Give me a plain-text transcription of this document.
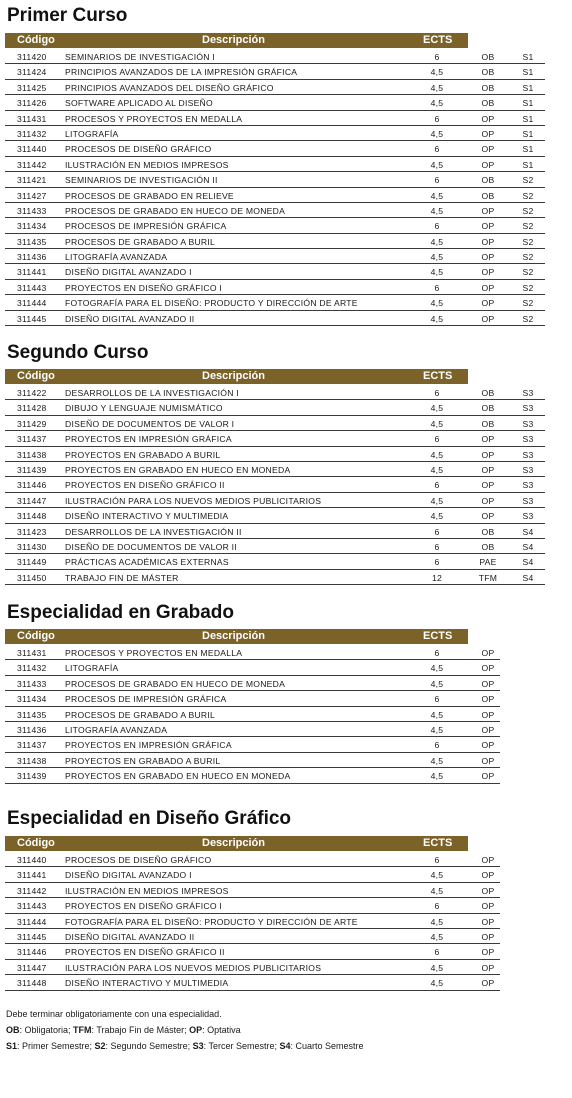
Primer Curso
Código	Descripción	ECTS
311420	SEMINARIOS DE INVESTIGACIÓN I	6	OB	S1
311424	PRINCIPIOS AVANZADOS DE LA IMPRESIÓN GRÁFICA	4,5	OB	S1
311425	PRINCIPIOS AVANZADOS DEL DISEÑO GRÁFICO	4,5	OB	S1
311426	SOFTWARE APLICADO AL DISEÑO	4,5	OB	S1
311431	PROCESOS Y PROYECTOS EN MEDALLA	6	OP	S1
311432	LITOGRAFÍA	4,5	OP	S1
311440	PROCESOS DE DISEÑO GRÁFICO	6	OP	S1
311442	ILUSTRACIÓN EN MEDIOS IMPRESOS	4,5	OP	S1
311421	SEMINARIOS DE INVESTIGACIÓN II	6	OB	S2
311427	PROCESOS DE GRABADO EN RELIEVE	4,5	OB	S2
311433	PROCESOS DE GRABADO EN HUECO DE MONEDA	4,5	OP	S2
311434	PROCESOS DE IMPRESIÓN GRÁFICA	6	OP	S2
311435	PROCESOS DE GRABADO A BURIL	4,5	OP	S2
311436	LITOGRAFÍA AVANZADA	4,5	OP	S2
311441	DISEÑO DIGITAL AVANZADO I	4,5	OP	S2
311443	PROYECTOS EN DISEÑO GRÁFICO I	6	OP	S2
311444	FOTOGRAFÍA PARA EL DISEÑO: PRODUCTO Y DIRECCIÓN DE ARTE	4,5	OP	S2
311445	DISEÑO DIGITAL AVANZADO II	4,5	OP	S2
Segundo Curso
Código	Descripción	ECTS
311422	DESARROLLOS DE LA INVESTIGACIÓN I	6	OB	S3
311428	DIBUJO Y LENGUAJE NUMISMÁTICO	4,5	OB	S3
311429	DISEÑO DE DOCUMENTOS DE VALOR I	4,5	OB	S3
311437	PROYECTOS EN IMPRESIÓN GRÁFICA	6	OP	S3
311438	PROYECTOS EN GRABADO A BURIL	4,5	OP	S3
311439	PROYECTOS EN GRABADO EN HUECO EN MONEDA	4,5	OP	S3
311446	PROYECTOS EN DISEÑO GRÁFICO II	6	OP	S3
311447	ILUSTRACIÓN PARA LOS NUEVOS MEDIOS PUBLICITARIOS	4,5	OP	S3
311448	DISEÑO INTERACTIVO Y MULTIMEDIA	4,5	OP	S3
311423	DESARROLLOS DE LA INVESTIGACIÓN II	6	OB	S4
311430	DISEÑO DE DOCUMENTOS DE VALOR II	6	OB	S4
311449	PRÁCTICAS ACADÉMICAS EXTERNAS	6	PAE	S4
311450	TRABAJO FIN DE MÁSTER	12	TFM	S4
Especialidad en Grabado
Código	Descripción	ECTS
311431	PROCESOS Y PROYECTOS EN MEDALLA	6	OP
311432	LITOGRAFÍA	4,5	OP
311433	PROCESOS DE GRABADO EN HUECO DE MONEDA	4,5	OP
311434	PROCESOS DE IMPRESIÓN GRÁFICA	6	OP
311435	PROCESOS DE GRABADO A BURIL	4,5	OP
311436	LITOGRAFÍA AVANZADA	4,5	OP
311437	PROYECTOS EN IMPRESIÓN GRÁFICA	6	OP
311438	PROYECTOS EN GRABADO A BURIL	4,5	OP
311439	PROYECTOS EN GRABADO EN HUECO EN MONEDA	4,5	OP
Especialidad en Diseño Gráfico
Código	Descripción	ECTS
311440	PROCESOS DE DISEÑO GRÁFICO	6	OP
311441	DISEÑO DIGITAL AVANZADO I	4,5	OP
311442	ILUSTRACIÓN EN MEDIOS IMPRESOS	4,5	OP
311443	PROYECTOS EN DISEÑO GRÁFICO I	6	OP
311444	FOTOGRAFÍA PARA EL DISEÑO: PRODUCTO Y DIRECCIÓN DE ARTE	4,5	OP
311445	DISEÑO DIGITAL AVANZADO II	4,5	OP
311446	PROYECTOS EN DISEÑO GRÁFICO II	6	OP
311447	ILUSTRACIÓN PARA LOS NUEVOS MEDIOS PUBLICITARIOS	4,5	OP
311448	DISEÑO INTERACTIVO Y MULTIMEDIA	4,5	OP
Debe terminar obligatoriamente con una especialidad.
OB: Obligatoria; TFM: Trabajo Fin de Máster; OP: Optativa
S1: Primer Semestre; S2: Segundo Semestre; S3: Tercer Semestre; S4: Cuarto Semestre
